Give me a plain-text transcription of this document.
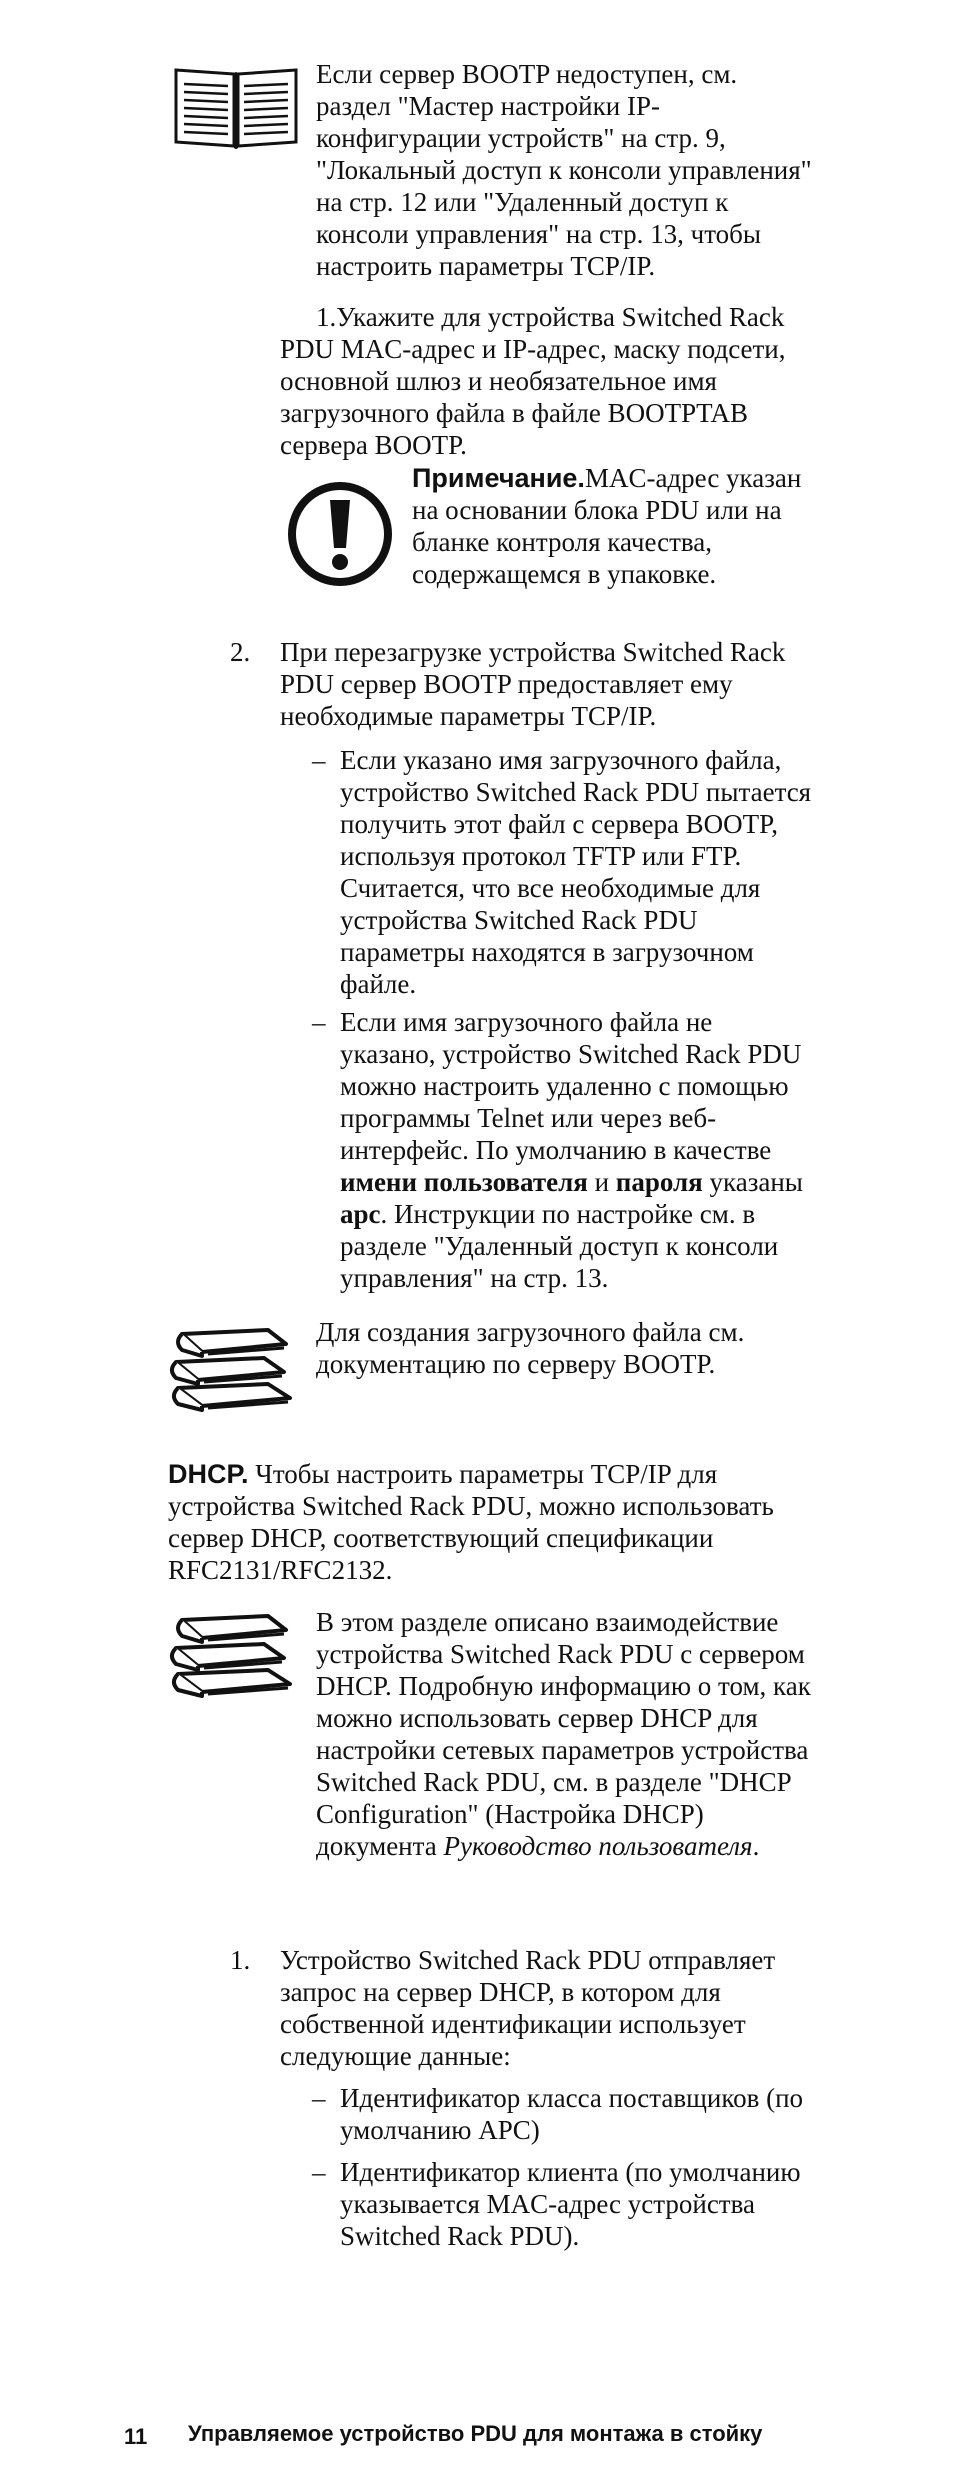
Если сервер BOOTP недоступен, см. раздел "Мастер настройки IP-конфигурации устройств" на стр. 9, "Локальный доступ к консоли управления" на стр. 12 или "Удаленный доступ к консоли управления" на стр. 13, чтобы настроить параметры TCP/IP.

1.Укажите для устройства Switched Rack PDU MAC-адрес и IP-адрес, маску подсети, основной шлюз и необязательное имя загрузочного файла в файле BOOTPTAB сервера BOOTP.

Примечание.MAC-адрес указан на основании блока PDU или на бланке контроля качества, содержащемся в упаковке.

2. При перезагрузке устройства Switched Rack PDU сервер BOOTP предоставляет ему необходимые параметры TCP/IP.

– Если указано имя загрузочного файла, устройство Switched Rack PDU пытается получить этот файл с сервера BOOTP, используя протокол TFTP или FTP. Считается, что все необходимые для устройства Switched Rack PDU параметры находятся в загрузочном файле.

– Если имя загрузочного файла не указано, устройство Switched Rack PDU можно настроить удаленно с помощью программы Telnet или через веб-интерфейс. По умолчанию в качестве имени пользователя и пароля указаны apc. Инструкции по настройке см. в разделе "Удаленный доступ к консоли управления" на стр. 13.

Для создания загрузочного файла см. документацию по серверу BOOTP.

DHCP. Чтобы настроить параметры TCP/IP для устройства Switched Rack PDU, можно использовать сервер DHCP, соответствующий спецификации RFC2131/RFC2132.

В этом разделе описано взаимодействие устройства Switched Rack PDU с сервером DHCP. Подробную информацию о том, как можно использовать сервер DHCP для настройки сетевых параметров устройства Switched Rack PDU, см. в разделе "DHCP Configuration" (Настройка DHCP) документа Руководство пользователя.

1. Устройство Switched Rack PDU отправляет запрос на сервер DHCP, в котором для собственной идентификации использует следующие данные:

– Идентификатор класса поставщиков (по умолчанию APC)

– Идентификатор клиента (по умолчанию указывается MAC-адрес устройства Switched Rack PDU).

11 Управляемое устройство PDU для монтажа в стойку
